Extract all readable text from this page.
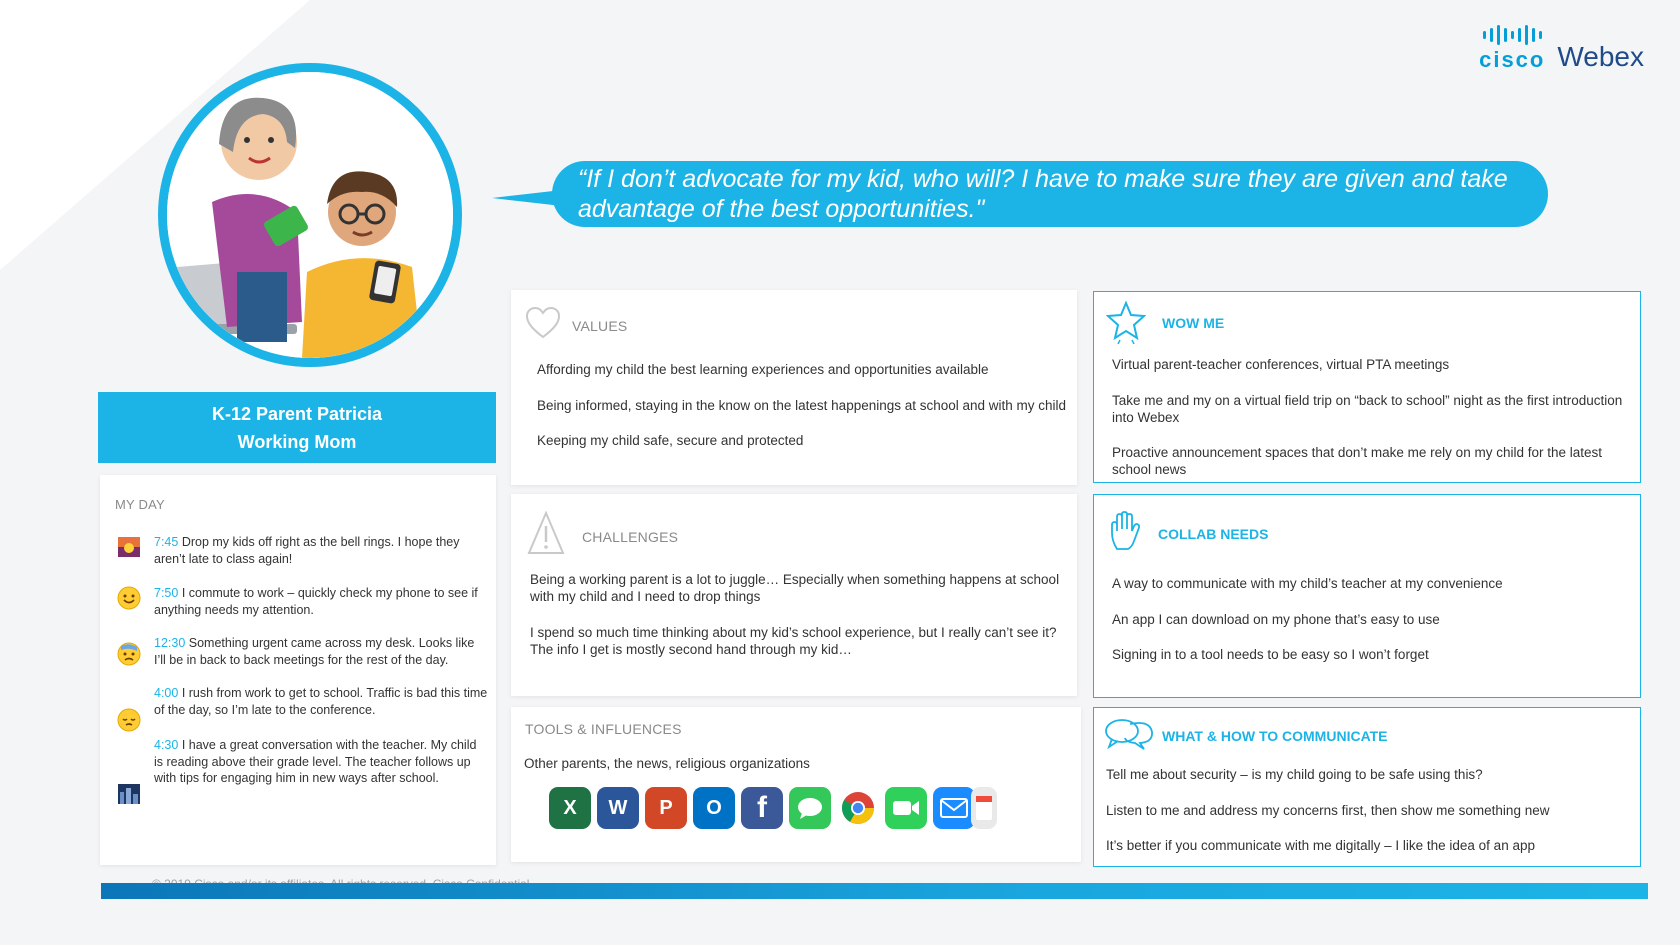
cisco Webex
“If I don’t advocate for my kid, who will? I have to make sure they are given and take advantage of the best opportunities."
K-12 Parent Patricia
Working Mom
MY DAY
7:45 Drop my kids off right as the bell rings. I hope they aren’t late to class again!
7:50 I commute to work – quickly check my phone to see if anything needs my attention.
12:30 Something urgent came across my desk. Looks like I’ll be in back to back meetings for the rest of the day.
4:00 I rush from work to get to school. Traffic is bad this time of the day, so I’m late to the conference.
4:30 I have a great conversation with the teacher. My child is reading above their grade level. The teacher follows up with tips for engaging him in new ways after school.
VALUES
Affording my child the best learning experiences and opportunities available
Being informed, staying in the know on the latest happenings at school and with my child
Keeping my child safe, secure and protected
CHALLENGES
Being a working parent is a lot to juggle… Especially when something happens at school with my child and I need to drop things
I spend so much time thinking about my kid’s school experience, but I really can’t see it? The info I get is mostly second hand through my kid…
TOOLS & INFLUENCES
Other parents, the news, religious organizations
X	W	P	O	f
WOW ME
Virtual parent-teacher conferences, virtual PTA meetings
Take me and my on a virtual field trip on “back to school” night as the first introduction into Webex
Proactive announcement spaces that don’t make me rely on my child for the latest school news
COLLAB NEEDS
A way to communicate with my child’s teacher at my convenience
An app I can download on my phone that’s easy to use
Signing in to a tool needs to be easy so I won’t forget
WHAT & HOW TO COMMUNICATE
Tell me about security – is my child going to be safe using this?
Listen to me and address my concerns first, then show me something new
It’s better if you communicate with me digitally – I like the idea of an app
